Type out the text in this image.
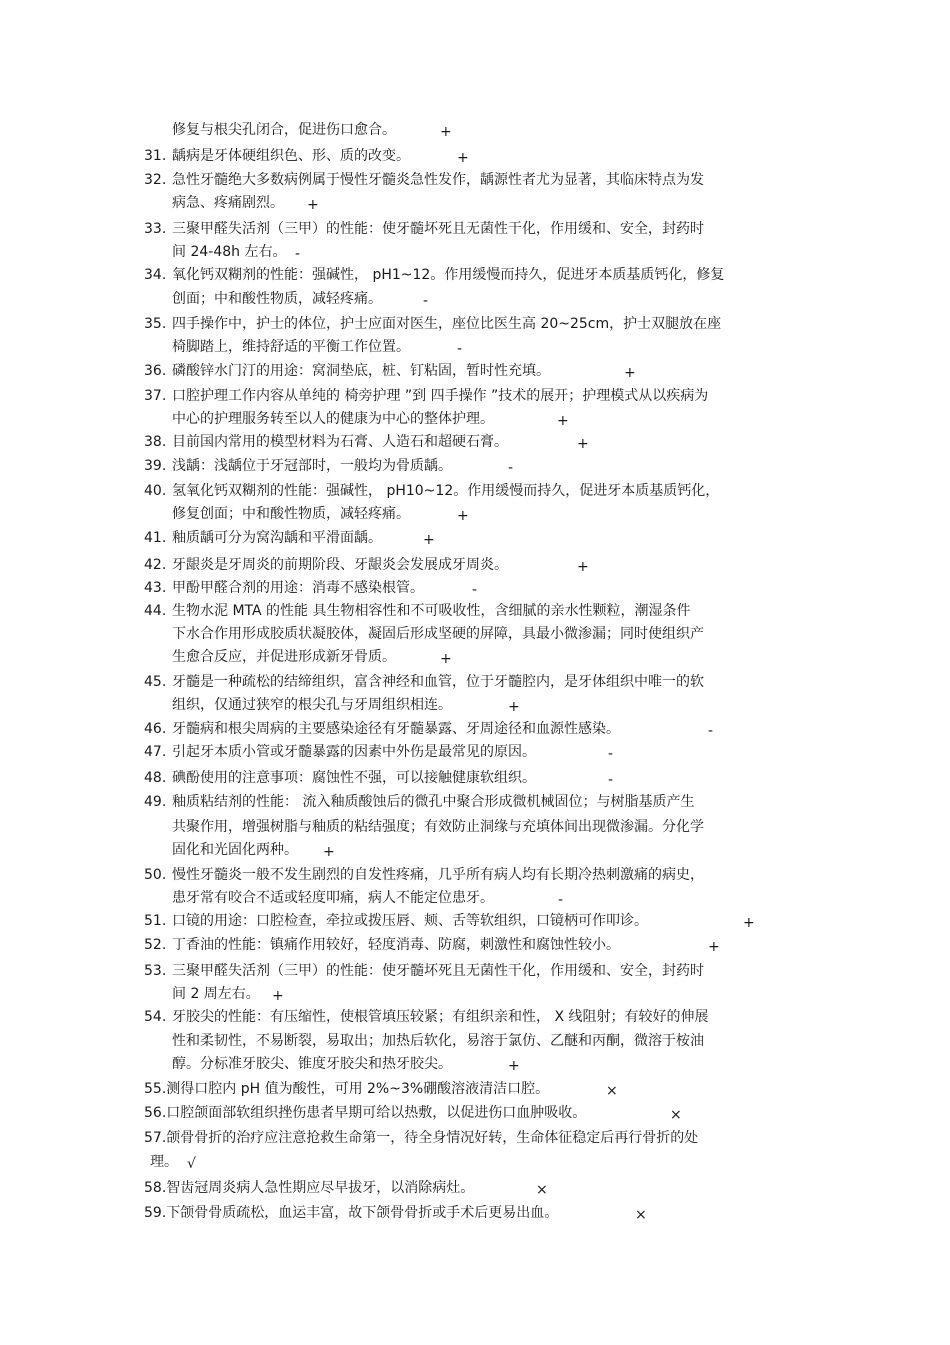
修复与根尖孔闭合，促进伤口愈合。	+
31. 龋病是牙体硬组织色、形、质的改变。	+
32. 急性牙髓绝大多数病例属于慢性牙髓炎急性发作，龋源性者尤为显著，其临床特点为发
病急、疼痛剧烈。 +
33. 三聚甲醛失活剂（三甲）的性能：使牙髓坏死且无菌性干化，作用缓和、安全，封药时
间 24-48h 左右。 -
34. 氧化钙双糊剂的性能：强碱性， pH1~12。作用缓慢而持久，促进牙本质基质钙化，修复
创面；中和酸性物质，减轻疼痛。	-
35. 四手操作中，护士的体位，护士应面对医生，座位比医生高 20~25cm，护士双腿放在座
椅脚踏上，维持舒适的平衡工作位置。	-
36. 磷酸锌水门汀的用途：窝洞垫底，桩、钉粘固，暂时性充填。	+
37. 口腔护理工作内容从单纯的 椅旁护理 ”到 四手操作 ”技术的展开；护理模式从以疾病为
中心的护理服务转至以人的健康为中心的整体护理。	+
38. 目前国内常用的模型材料为石膏、人造石和超硬石膏。	+
39. 浅龋：浅龋位于牙冠部时，一般均为骨质龋。	-
40. 氢氧化钙双糊剂的性能：强碱性， pH10~12。作用缓慢而持久，促进牙本质基质钙化，
修复创面；中和酸性物质，减轻疼痛。	+
41. 釉质龋可分为窝沟龋和平滑面龋。	+
42. 牙龈炎是牙周炎的前期阶段、牙龈炎会发展成牙周炎。	+
43. 甲酚甲醛合剂的用途：消毒不感染根管。	-
44. 生物水泥 MTA 的性能 具生物相容性和不可吸收性，含细腻的亲水性颗粒，潮湿条件
下水合作用形成胶质状凝胶体，凝固后形成坚硬的屏障，具最小微渗漏；同时使组织产
生愈合反应，并促进形成新牙骨质。	+
45. 牙髓是一种疏松的结缔组织，富含神经和血管，位于牙髓腔内，是牙体组织中唯一的软
组织，仅通过狭窄的根尖孔与牙周组织相连。	+
46. 牙髓病和根尖周病的主要感染途径有牙髓暴露、牙周途径和血源性感染。	-
47. 引起牙本质小管或牙髓暴露的因素中外伤是最常见的原因。	-
48. 碘酚使用的注意事项：腐蚀性不强，可以接触健康软组织。	-
49. 釉质粘结剂的性能： 流入釉质酸蚀后的微孔中聚合形成微机械固位；与树脂基质产生
共聚作用，增强树脂与釉质的粘结强度；有效防止洞缘与充填体间出现微渗漏。分化学
固化和光固化两种。 +
50. 慢性牙髓炎一般不发生剧烈的自发性疼痛，几乎所有病人均有长期冷热刺激痛的病史，
患牙常有咬合不适或轻度叩痛，病人不能定位患牙。	-
51. 口镜的用途：口腔检查，牵拉或拨压唇、颊、舌等软组织，口镜柄可作叩诊。	+
52. 丁香油的性能：镇痛作用较好，轻度消毒、防腐，刺激性和腐蚀性较小。	+
53. 三聚甲醛失活剂（三甲）的性能：使牙髓坏死且无菌性干化，作用缓和、安全，封药时
间 2 周左右。 +
54. 牙胶尖的性能：有压缩性，使根管填压较紧；有组织亲和性， X 线阻射；有较好的伸展
性和柔韧性，不易断裂，易取出；加热后软化，易溶于氯仿、乙醚和丙酮，微溶于桉油
醇。分标准牙胶尖、锥度牙胶尖和热牙胶尖。	+
55.测得口腔内 pH 值为酸性，可用 2%~3%硼酸溶液清洁口腔。	×
56.口腔颌面部软组织挫伤患者早期可给以热敷，以促进伤口血肿吸收。	×
57.颌骨骨折的治疗应注意抢救生命第一，待全身情况好转，生命体征稳定后再行骨折的处
理。 √
58.智齿冠周炎病人急性期应尽早拔牙，以消除病灶。	×
59.下颌骨骨质疏松，血运丰富，故下颌骨骨折或手术后更易出血。	×
